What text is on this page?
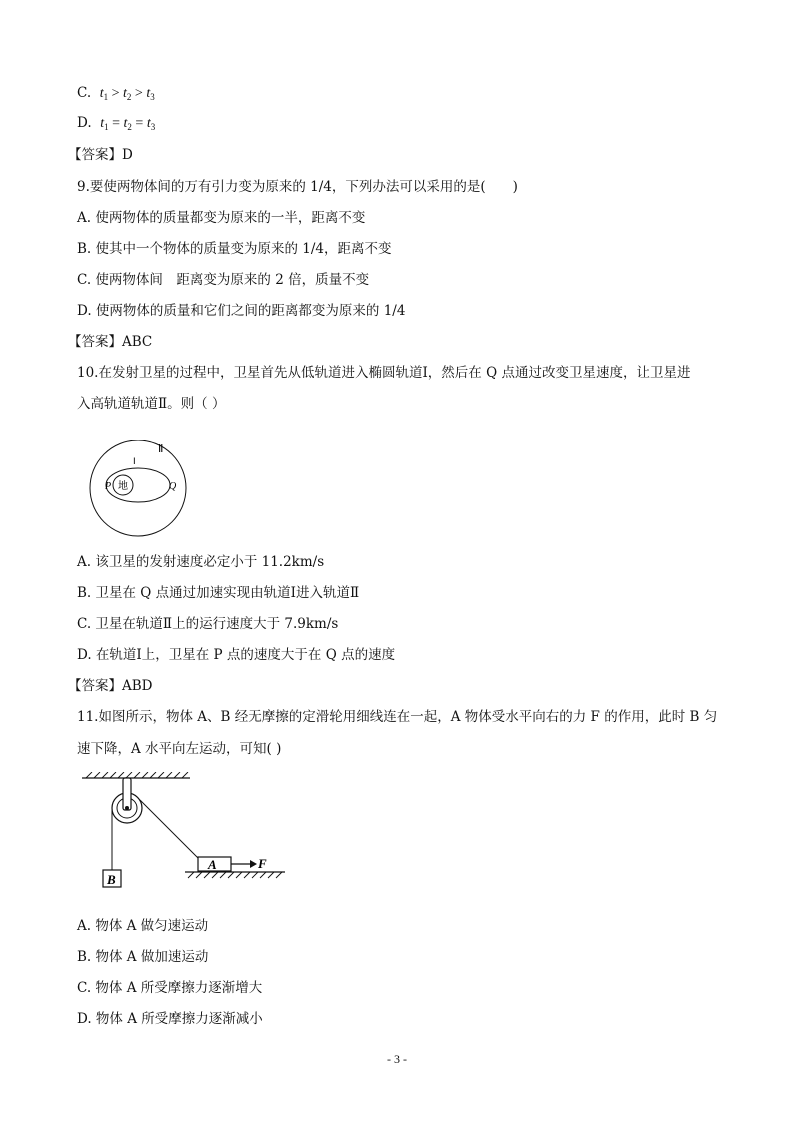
C. $t_1 > t_2 > t_3$
D. $t_1 = t_2 = t_3$
【答案】D
9.要使两物体间的万有引力变为原来的 1/4，下列办法可以采用的是(　　)
A. 使两物体的质量都变为原来的一半，距离不变
B. 使其中一个物体的质量变为原来的 1/4，距离不变
C. 使两物体间　距离变为原来的 2 倍，质量不变
D. 使两物体的质量和它们之间的距离都变为原来的 1/4
【答案】ABC
10.在发射卫星的过程中，卫星首先从低轨道进入椭圆轨道Ⅰ，然后在 Q 点通过改变卫星速度，让卫星进
入高轨道轨道Ⅱ。则（ ）
Ⅱ
Ⅰ
P 地	Q
A. 该卫星的发射速度必定小于 11.2km/s
B. 卫星在 Q 点通过加速实现由轨道Ⅰ进入轨道Ⅱ
C. 卫星在轨道Ⅱ上的运行速度大于 7.9km/s
D. 在轨道Ⅰ上，卫星在 P 点的速度大于在 Q 点的速度
【答案】ABD
11.如图所示，物体 A、B 经无摩擦的定滑轮用细线连在一起，A 物体受水平向右的力 F 的作用，此时 B 匀
速下降，A 水平向左运动，可知( )
B
A	F
A. 物体 A 做匀速运动
B. 物体 A 做加速运动
C. 物体 A 所受摩擦力逐渐增大
D. 物体 A 所受摩擦力逐渐减小
- 3 -
